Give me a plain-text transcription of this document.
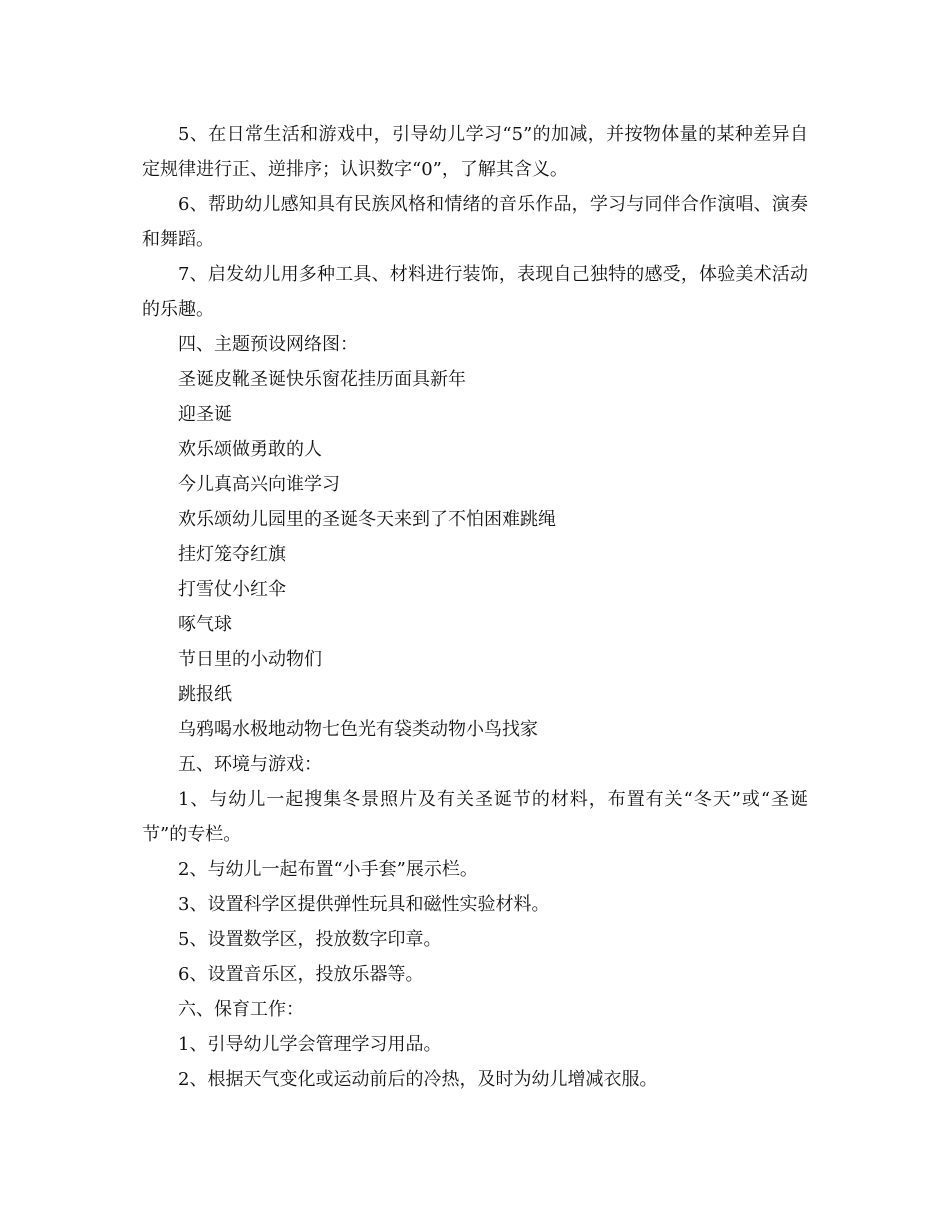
5、在日常生活和游戏中，引导幼儿学习“5”的加减，并按物体量的某种差异自定规律进行正、逆排序；认识数字“0”，了解其含义。

6、帮助幼儿感知具有民族风格和情绪的音乐作品，学习与同伴合作演唱、演奏和舞蹈。

7、启发幼儿用多种工具、材料进行装饰，表现自己独特的感受，体验美术活动的乐趣。

四、主题预设网络图：

圣诞皮靴圣诞快乐窗花挂历面具新年

迎圣诞

欢乐颂做勇敢的人

今儿真高兴向谁学习

欢乐颂幼儿园里的圣诞冬天来到了不怕困难跳绳

挂灯笼夺红旗

打雪仗小红伞

啄气球

节日里的小动物们

跳报纸

乌鸦喝水极地动物七色光有袋类动物小鸟找家

五、环境与游戏：

1、与幼儿一起搜集冬景照片及有关圣诞节的材料，布置有关“冬天”或“圣诞节”的专栏。

2、与幼儿一起布置“小手套”展示栏。

3、设置科学区提供弹性玩具和磁性实验材料。

5、设置数学区，投放数字印章。

6、设置音乐区，投放乐器等。

六、保育工作：

1、引导幼儿学会管理学习用品。

2、根据天气变化或运动前后的冷热，及时为幼儿增减衣服。
